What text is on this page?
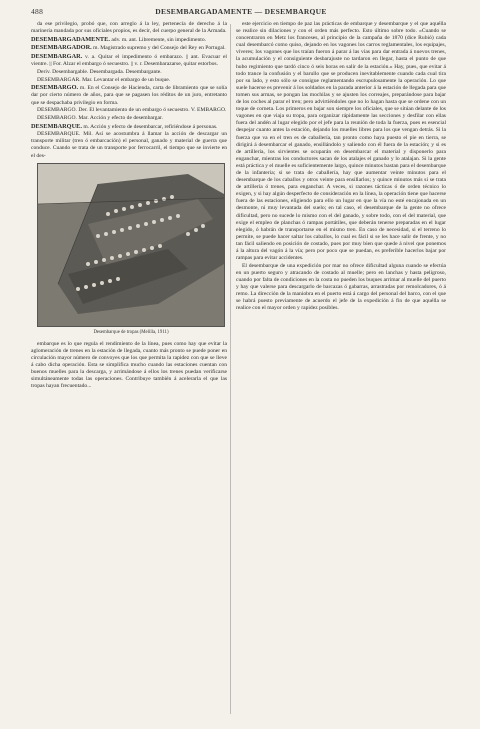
488	DESEMBARGADAMENTE — DESEMBARQUE

da ese privilegio, probó que, con arreglo á la ley, pertenecía de derecho á la marinería mandada por sus oficiales propios, es decir, del cuerpo general de la Armada.

DESEMBARGADAMENTE. adv. m. ant. Libremente, sin impedimento.

DESEMBARGADOR. m. Magistrado supremo y del Consejo del Rey en Portugal.

DESEMBARGAR. v. a. Quitar el impedimento ó embarazo. || ant. Evacuar el vientre. || For. Alzar el embargo ó secuestro. || v. r. Desembarazarse, quitar estorbos.

Deriv. Desembargable. Desembargada. Desembargante.

DESEMBARGAR. Mar. Levantar el embargo de un buque.

DESEMBARGO. m. En el Consejo de Hacienda, carta de libramiento que se solía dar por cierto número de años, para que se pagasen los réditos de un juro, entretanto que se despachaba privilegio en forma.

DESEMBARGO. Der. El levantamiento de un embargo ó secuestro. V. EMBARGO.

DESEMBARGO. Mar. Acción y efecto de desembargar.

DESEMBARQUE. m. Acción y efecto de desembarcar, refiriéndose á personas.

DESEMBARQUE. Mil. Así se acostumbra á llamar la acción de descargar un transporte militar (tren ó embarcación) el personal, ganado y material de guerra que conduce. Cuando se trata de un transporte por ferrocarril, el tiempo que se invierte en el des-

Desembarque de tropas (Melilla, 1911)

embarque es lo que regula el rendimiento de la línea, pues como hay que evitar la aglomeración de trenes en la estación de llegada, cuanto más pronto se puede poner en circulación mayor número de convoyes que los que permita la rapidez con que se lleve á cabo dicha operación. Esta se simplifica mucho cuando las estaciones cuentan con buenos muelles para la descarga, y arrimándose á ellos los trenes puedan verificarse simultáneamente todas las operaciones. Contribuye también á acelerarla el que las tropas hayan frecuentado...

este ejercicio en tiempo de paz las prácticas de embarque y desembarque y el que aquélla se realice sin dilaciones y con el orden más perfecto. Esto último sobre todo. «Cuando se concentraron en Metz los franceses, al principio de la campaña de 1870 (dice Rubió) cada cual desembarcó como quiso, dejando en los vagones los carros reglamentales, los equipajes, víveres; los vagones que los traían fueron á parar á las vías para dar entrada á nuevos trenes, la acumulación y el consiguiente desbarajuste no tardaron en llegar, hasta el punto de que hubo regimiento que tardó cinco ó seis horas en salir de la estación.» Hay, pues, que evitar á todo trance la confusión y el barullo que se producen inevitablemente cuando cada cual tira por su lado, y esto sólo se consigue reglamentando escrupulosamente la operación. Lo que suele hacerse es prevenir á los soldados en la parada anterior á la estación de llegada para que tomen sus armas, se pongan las mochilas y se ajusten los correajes, preparándose para bajar de los coches al parar el tren; pero advirtiéndoles que no lo hagan hasta que se ordene con un toque de corneta. Los primeros en bajar son siempre los oficiales, que se sitúan delante de los vagones en que viaja su tropa, para organizar rápidamente las secciones y desfilar con ellas fuera del andén al lugar elegido por el jefe para la reunión de toda la fuerza, pues es esencial despejar cuanto antes la estación, dejando los muelles libres para los que vengan detrás. Si la fuerza que va en el tren es de caballería, tan pronto como haya puesto el pie en tierra, se dirigirá á desembarcar el ganado, ensillándolo y saliendo con él fuera de la estación; y si es de artillería, los sirvientes se ocuparán en desembarcar el material y disponerlo para enganchar, mientras los conductores sacan de los atalajes el ganado y lo atalajan. Si la gente está práctica y el muelle es suficientemente largo, quince minutos bastan para el desembarque de la infantería; si se trata de caballería, hay que aumentar veinte minutos para el desembarque de los caballos y otros veinte para ensillarlos; y quince minutos más si se trata de artillería ó trenes, para enganchar. A veces, si razones tácticas ó de orden técnico lo exigen, y si hay algún desperfecto de consideración en la línea, la operación tiene que hacerse fuera de las estaciones, eligiendo para ello un lugar en que la vía no esté encajonada en un desmonte, ni muy levantada del suelo; en tal caso, el desembarque de la gente no ofrece dificultad, pero no sucede lo mismo con el del ganado, y sobre todo, con el del material, que exige el empleo de planchas ó rampas portátiles, que deberán tenerse preparadas en el lugar elegido, ó habrán de transportarse en el mismo tren. En caso de necesidad, si el terreno lo permite, se puede hacer saltar los caballos, lo cual es fácil si se les hace salir de frente, y no tan fácil saliendo en posición de costado, pues por muy bien que quede á nivel que ponemos á la altura del vagón á la vía; pero por poco que se puedan, es preferible hacerlos bajar por rampas para evitar accidentes.

El desembarque de una expedición por mar no ofrece dificultad alguna cuando se efectúa en un puerto seguro y atracando de costado al muelle; pero en lanchas y hasta peligroso, cuando por falta de condiciones en la costa no pueden los buques arrimar al muelle del puerto y hay que valerse para descargarlo de barcazas ó gabarras, arrastradas por remolcadores, ó á remo. La dirección de la maniobra en el puerto está á cargo del personal del barco, con el que se habrá puesto previamente de acuerdo el jefe de la expedición á fin de que aquélla se realice con el mayor orden y rapidez posibles.
